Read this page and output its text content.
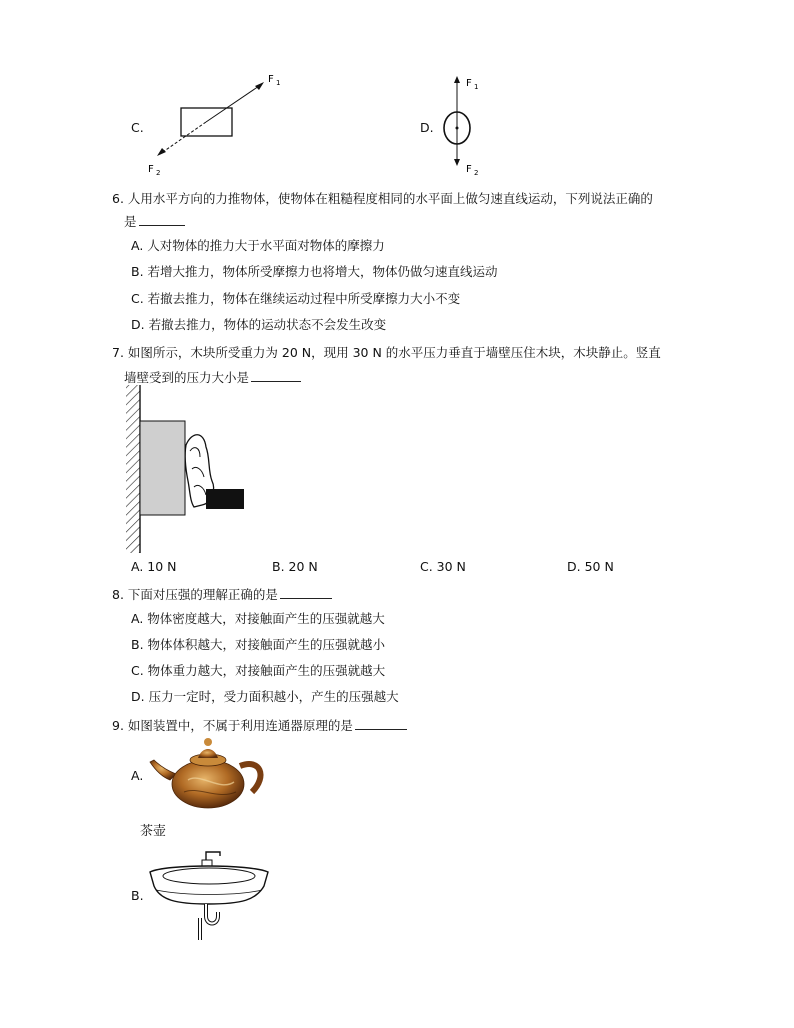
C.
F 1
F 2
D.
F 1
F 2
6. 人用水平方向的力推物体，使物体在粗糙程度相同的水平面上做匀速直线运动，下列说法正确的
是
A. 人对物体的推力大于水平面对物体的摩擦力
B. 若增大推力，物体所受摩擦力也将增大，物体仍做匀速直线运动
C. 若撤去推力，物体在继续运动过程中所受摩擦力大小不变
D. 若撤去推力，物体的运动状态不会发生改变
7. 如图所示，木块所受重力为 20 N，现用 30 N 的水平压力垂直于墙壁压住木块，木块静止。竖直
墙壁受到的压力大小是
A. 10 N	B. 20 N	C. 30 N	D. 50 N
8. 下面对压强的理解正确的是
A. 物体密度越大，对接触面产生的压强就越大
B. 物体体积越大，对接触面产生的压强就越小
C. 物体重力越大，对接触面产生的压强就越大
D. 压力一定时，受力面积越小，产生的压强越大
9. 如图装置中，不属于利用连通器原理的是
A.
茶壶
B.
